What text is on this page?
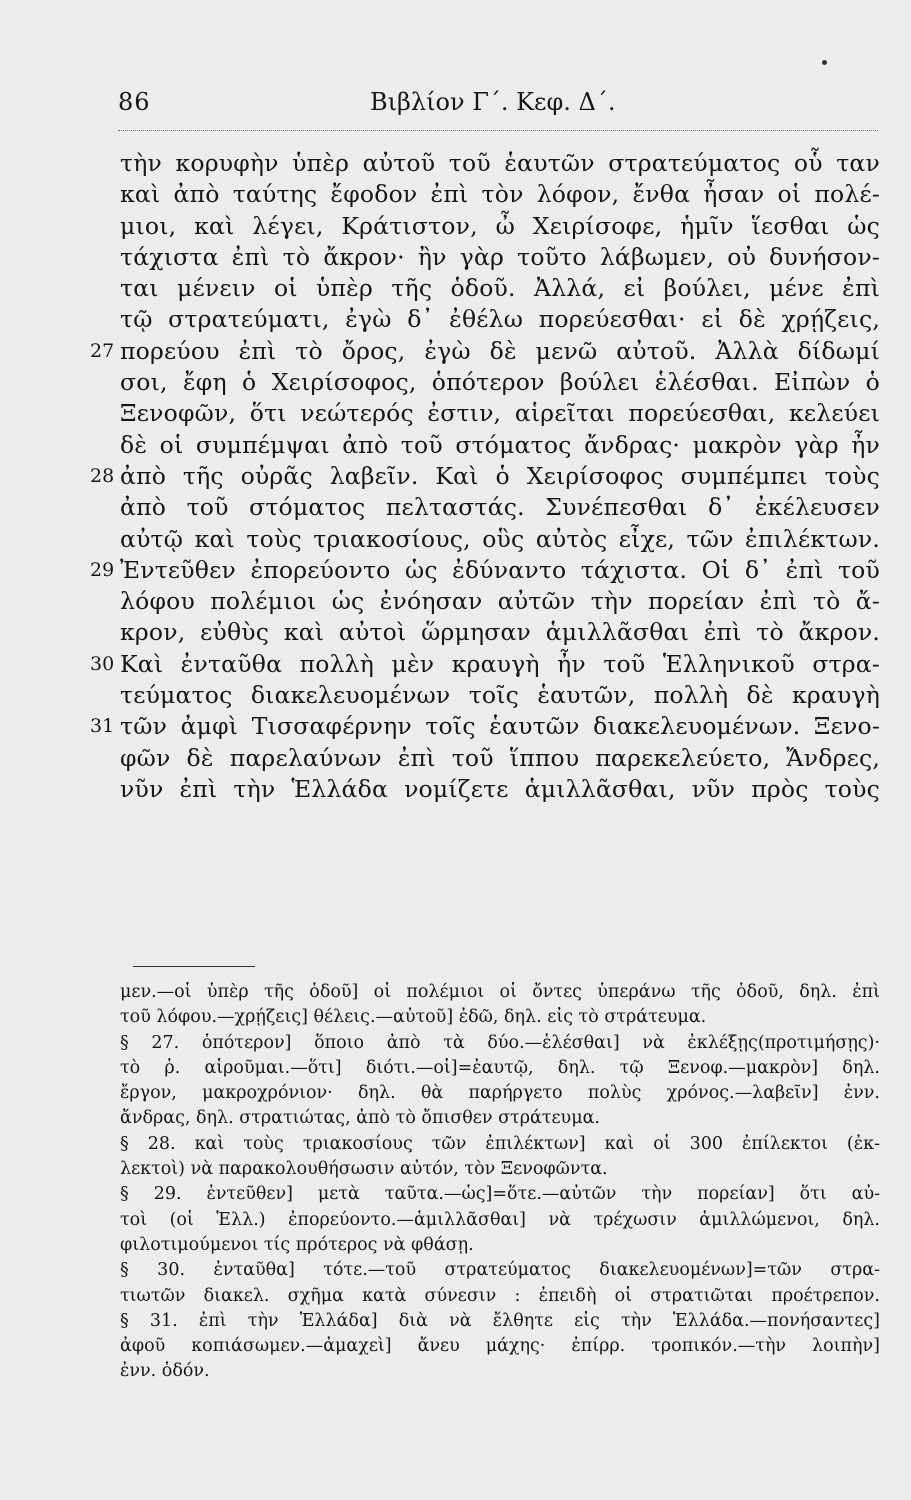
86	Βιβλίον Γ΄. Κεφ. Δ΄.
τὴν κορυφὴν ὑπὲρ αὐτοῦ τοῦ ἑαυτῶν στρατεύματος οὗ ταν
καὶ ἀπὸ ταύτης ἔφοδον ἐπὶ τὸν λόφον, ἔνθα ἦσαν οἱ πολέ-
μιοι, καὶ λέγει, Κράτιστον, ὦ Χειρίσοφε, ἡμῖν ἵεσθαι ὡς
τάχιστα ἐπὶ τὸ ἄκρον· ἢν γὰρ τοῦτο λάβωμεν, οὐ δυνήσον-
ται μένειν οἱ ὑπὲρ τῆς ὁδοῦ. Ἀλλά, εἰ βούλει, μένε ἐπὶ
τῷ στρατεύματι, ἐγὼ δ᾽ ἐθέλω πορεύεσθαι· εἰ δὲ χρῄζεις,
27 πορεύου ἐπὶ τὸ ὄρος, ἐγὼ δὲ μενῶ αὐτοῦ. Ἀλλὰ δίδωμί
σοι, ἔφη ὁ Χειρίσοφος, ὁπότερον βούλει ἑλέσθαι. Εἰπὼν ὁ
Ξενοφῶν, ὅτι νεώτερός ἐστιν, αἱρεῖται πορεύεσθαι, κελεύει
δὲ οἱ συμπέμψαι ἀπὸ τοῦ στόματος ἄνδρας· μακρὸν γὰρ ἦν
28 ἀπὸ τῆς οὐρᾶς λαβεῖν. Καὶ ὁ Χειρίσοφος συμπέμπει τοὺς
ἀπὸ τοῦ στόματος πελταστάς. Συνέπεσθαι δ᾽ ἐκέλευσεν
αὐτῷ καὶ τοὺς τριακοσίους, οὓς αὐτὸς εἶχε, τῶν ἐπιλέκτων.
29 Ἐντεῦθεν ἐπορεύοντο ὡς ἐδύναντο τάχιστα. Οἱ δ᾽ ἐπὶ τοῦ
λόφου πολέμιοι ὡς ἐνόησαν αὐτῶν τὴν πορείαν ἐπὶ τὸ ἄ-
κρον, εὐθὺς καὶ αὐτοὶ ὥρμησαν ἁμιλλᾶσθαι ἐπὶ τὸ ἄκρον.
30 Καὶ ἐνταῦθα πολλὴ μὲν κραυγὴ ἦν τοῦ Ἑλληνικοῦ στρα-
τεύματος διακελευομένων τοῖς ἑαυτῶν, πολλὴ δὲ κραυγὴ
31 τῶν ἀμφὶ Τισσαφέρνην τοῖς ἑαυτῶν διακελευομένων. Ξενο-
φῶν δὲ παρελαύνων ἐπὶ τοῦ ἵππου παρεκελεύετο, Ἄνδρες,
νῦν ἐπὶ τὴν Ἑλλάδα νομίζετε ἁμιλλᾶσθαι, νῦν πρὸς τοὺς
μεν.—οἱ ὑπὲρ τῆς ὁδοῦ] οἱ πολέμιοι οἱ ὄντες ὑπεράνω τῆς ὁδοῦ, δηλ. ἐπὶ
τοῦ λόφου.—χρῄζεις] θέλεις.—αὐτοῦ] ἐδῶ, δηλ. εἰς τὸ στράτευμα.
§ 27. ὁπότερον] ὅποιο ἀπὸ τὰ δύο.—ἑλέσθαι] νὰ ἐκλέξῃς(προτιμήσῃς)·
τὸ ῥ. αἱροῦμαι.—ὅτι] διότι.—οἱ]=ἑαυτῷ, δηλ. τῷ Ξενοφ.—μακρὸν] δηλ.
ἔργον, μακροχρόνιον· δηλ. θὰ παρήργετο πολὺς χρόνος.—λαβεῖν] ἐνν.
ἄνδρας, δηλ. στρατιώτας, ἀπὸ τὸ ὄπισθεν στράτευμα.
§ 28. καὶ τοὺς τριακοσίους τῶν ἐπιλέκτων] καὶ οἱ 300 ἐπίλεκτοι (ἐκ-
λεκτοὶ) νὰ παρακολουθήσωσιν αὐτόν, τὸν Ξενοφῶντα.
§ 29. ἐντεῦθεν] μετὰ ταῦτα.—ὡς]=ὅτε.—αὐτῶν τὴν πορείαν] ὅτι αὐ-
τοὶ (οἱ Ἑλλ.) ἐπορεύοντο.—ἁμιλλᾶσθαι] νὰ τρέχωσιν ἁμιλλώμενοι, δηλ.
φιλοτιμούμενοι τίς πρότερος νὰ φθάσῃ.
§ 30. ἐνταῦθα] τότε.—τοῦ στρατεύματος διακελευομένων]=τῶν στρα-
τιωτῶν διακελ. σχῆμα κατὰ σύνεσιν : ἐπειδὴ οἱ στρατιῶται προέτρεπον.
§ 31. ἐπὶ τὴν Ἑλλάδα] διὰ νὰ ἔλθητε εἰς τὴν Ἑλλάδα.—πονήσαντες]
ἀφοῦ κοπιάσωμεν.—ἀμαχεὶ] ἄνευ μάχης· ἐπίρρ. τροπικόν.—τὴν λοιπὴν]
ἐνν. ὁδόν.
